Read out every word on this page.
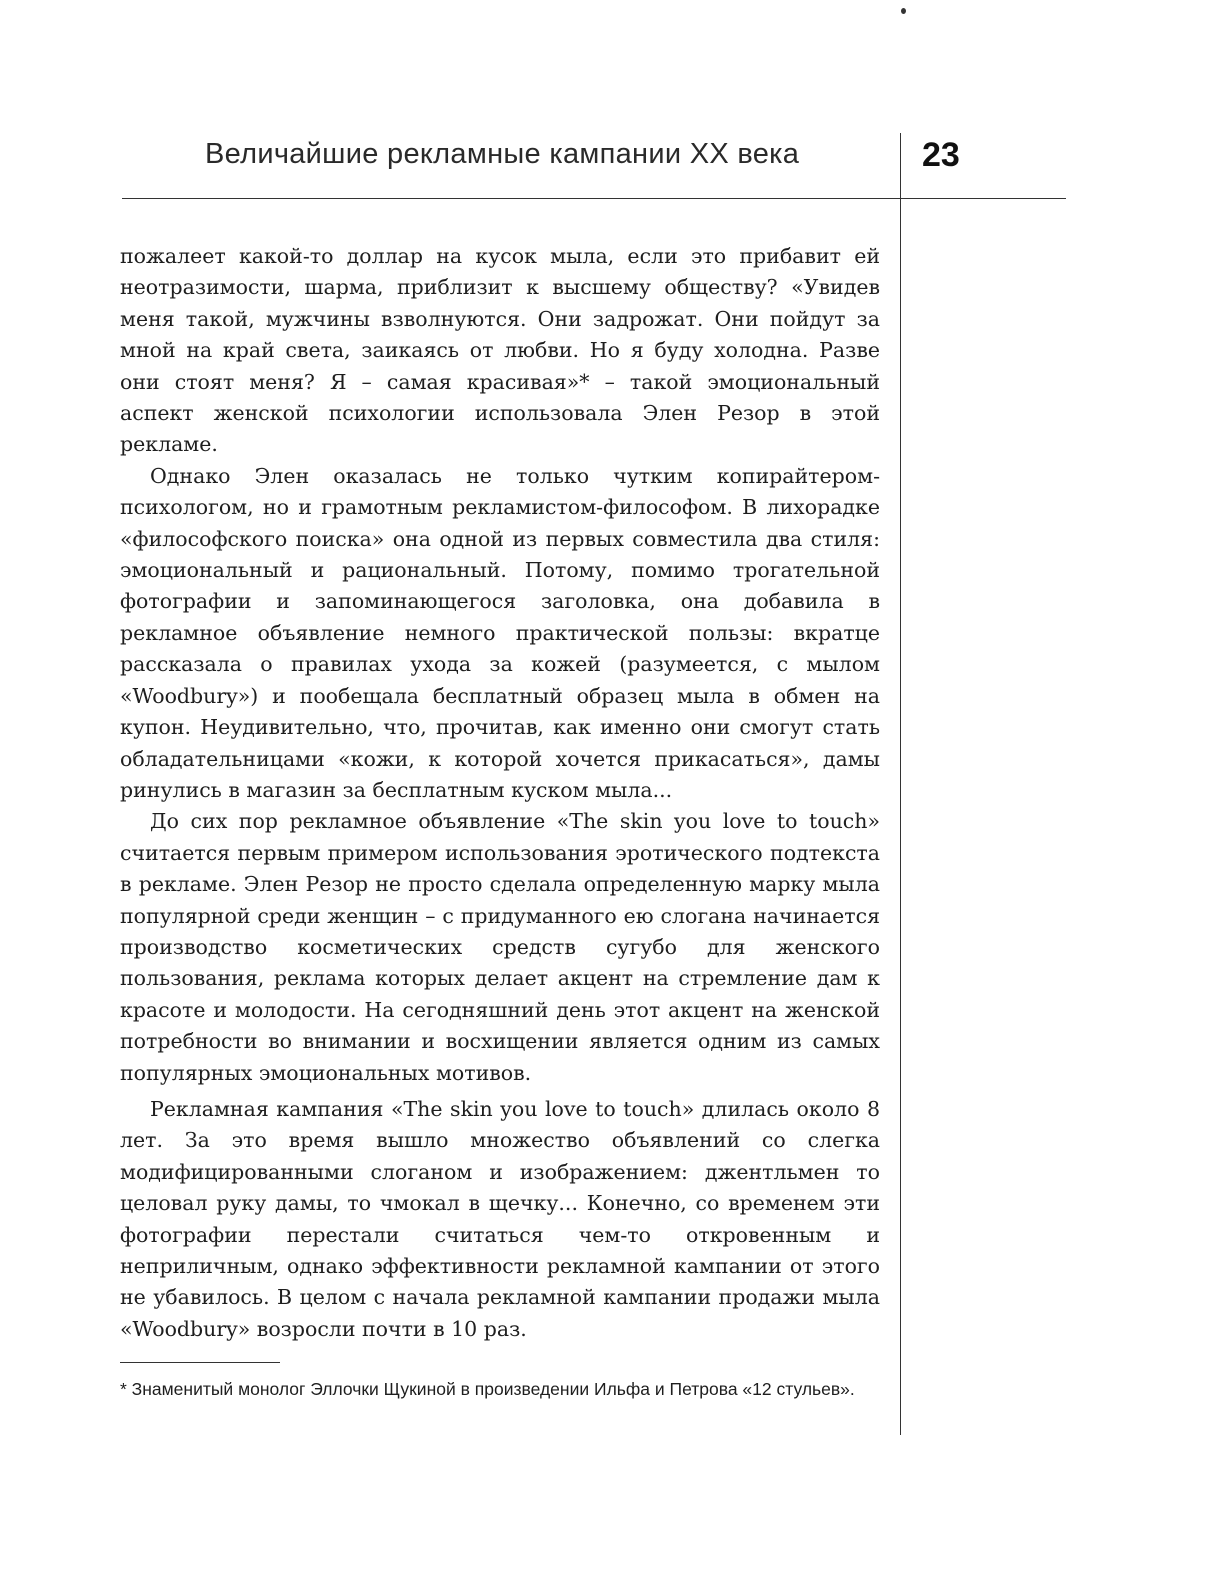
Величайшие рекламные кампании XX века	23

пожалеет какой-то доллар на кусок мыла, если это прибавит ей неотразимости, шарма, приблизит к высшему обществу? «Увидев меня такой, мужчины взволнуются. Они задрожат. Они пойдут за мной на край света, заикаясь от любви. Но я буду холодна. Разве они стоят меня? Я – самая красивая»* – такой эмоциональный аспект женской психологии использовала Элен Резор в этой рекламе.

Однако Элен оказалась не только чутким копирайтером-психологом, но и грамотным рекламистом-философом. В лихорадке «философского поиска» она одной из первых совместила два стиля: эмоциональный и рациональный. Потому, помимо трогательной фотографии и запоминающегося заголовка, она добавила в рекламное объявление немного практической пользы: вкратце рассказала о правилах ухода за кожей (разумеется, с мылом «Woodbury») и пообещала бесплатный образец мыла в обмен на купон. Неудивительно, что, прочитав, как именно они смогут стать обладательницами «кожи, к которой хочется прикасаться», дамы ринулись в магазин за бесплатным куском мыла...

До сих пор рекламное объявление «The skin you love to touch» считается первым примером использования эротического подтекста в рекламе. Элен Резор не просто сделала определенную марку мыла популярной среди женщин – с придуманного ею слогана начинается производство косметических средств сугубо для женского пользования, реклама которых делает акцент на стремление дам к красоте и молодости. На сегодняшний день этот акцент на женской потребности во внимании и восхищении является одним из самых популярных эмоциональных мотивов.

Рекламная кампания «The skin you love to touch» длилась около 8 лет. За это время вышло множество объявлений со слегка модифицированными слоганом и изображением: джентльмен то целовал руку дамы, то чмокал в щечку... Конечно, со временем эти фотографии перестали считаться чем-то откровенным и неприличным, однако эффективности рекламной кампании от этого не убавилось. В целом с начала рекламной кампании продажи мыла «Woodbury» возросли почти в 10 раз.

* Знаменитый монолог Эллочки Щукиной в произведении Ильфа и Петрова «12 стульев».
